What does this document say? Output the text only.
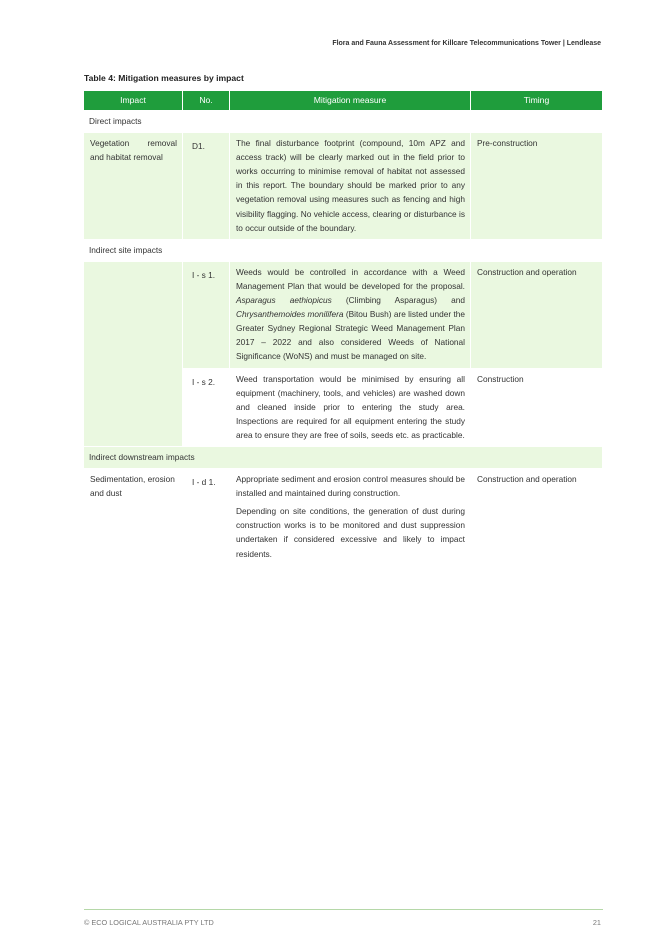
Flora and Fauna Assessment for Killcare Telecommunications Tower | Lendlease
Table 4: Mitigation measures by impact
Impact	No.	Mitigation measure	Timing
Direct impacts			
Vegetation removal and habitat removal	D1.	The final disturbance footprint (compound, 10m APZ and access track) will be clearly marked out in the field prior to works occurring to minimise removal of habitat not assessed in this report. The boundary should be marked prior to any vegetation removal using measures such as fencing and high visibility flagging. No vehicle access, clearing or disturbance is to occur outside of the boundary.	Pre-construction
Indirect site impacts			
	I - s 1.	Weeds would be controlled in accordance with a Weed Management Plan that would be developed for the proposal. Asparagus aethiopicus (Climbing Asparagus) and Chrysanthemoides monilifera (Bitou Bush) are listed under the Greater Sydney Regional Strategic Weed Management Plan 2017 – 2022 and also considered Weeds of National Significance (WoNS) and must be managed on site.	Construction and operation
	I - s 2.	Weed transportation would be minimised by ensuring all equipment (machinery, tools, and vehicles) are washed down and cleaned inside prior to entering the study area. Inspections are required for all equipment entering the study area to ensure they are free of soils, seeds etc. as practicable.	Construction
Indirect downstream impacts			
Sedimentation, erosion and dust	I - d 1.	Appropriate sediment and erosion control measures should be installed and maintained during construction.

Depending on site conditions, the generation of dust during construction works is to be monitored and dust suppression undertaken if considered excessive and likely to impact residents.	Construction and operation
© ECO LOGICAL AUSTRALIA PTY LTD	21
